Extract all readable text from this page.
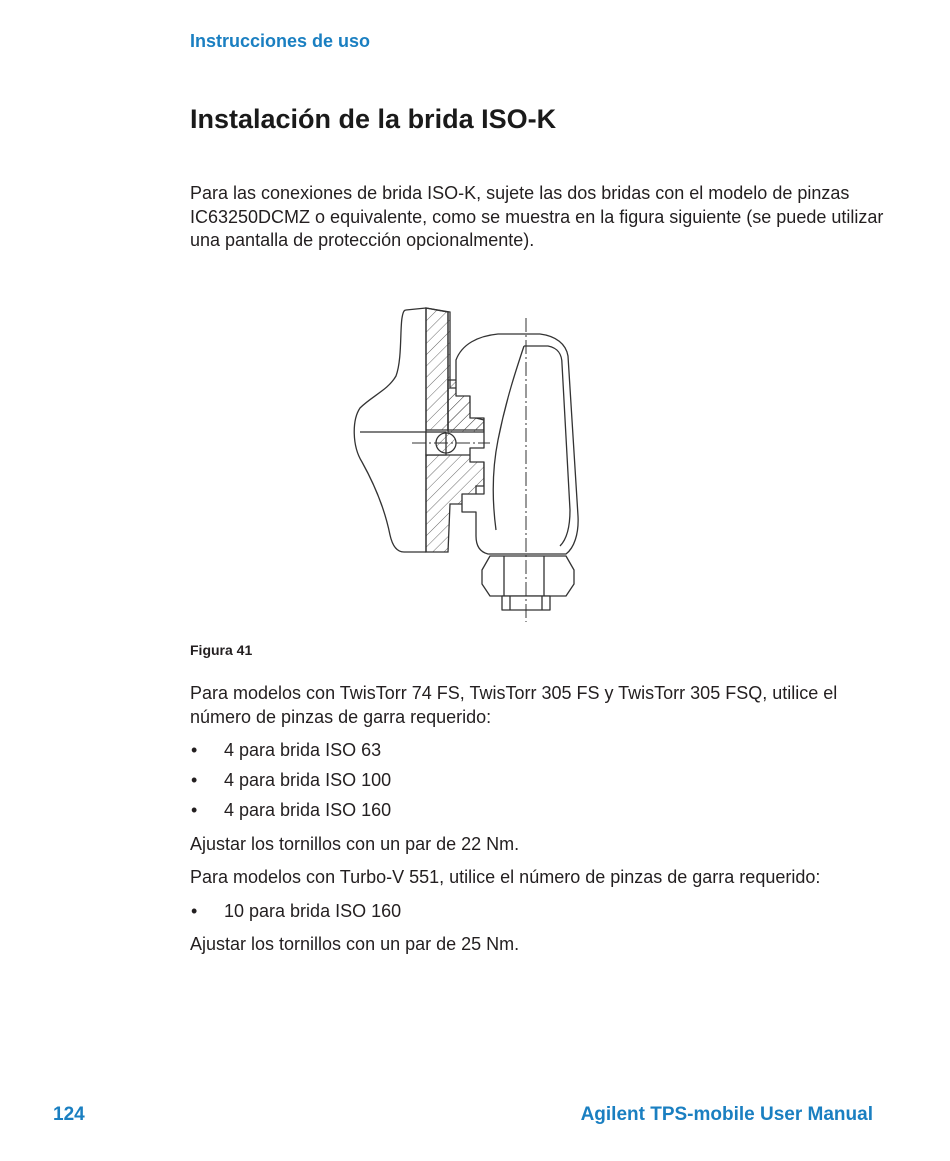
Instrucciones de uso
Instalación de la brida ISO-K

Para las conexiones de brida ISO-K, sujete las dos bridas con el modelo de pinzas IC63250DCMZ o equivalente, como se muestra en la figura siguiente (se puede utilizar una pantalla de protección opcionalmente).

Figura 41

Para modelos con TwisTorr 74 FS, TwisTorr 305 FS y TwisTorr 305 FSQ, utilice el número de pinzas de garra requerido:

• 4 para brida ISO 63
• 4 para brida ISO 100
• 4 para brida ISO 160

Ajustar los tornillos con un par de 22 Nm.

Para modelos con Turbo-V 551, utilice el número de pinzas de garra requerido:

• 10 para brida ISO 160

Ajustar los tornillos con un par de 25 Nm.

124	Agilent TPS-mobile User Manual
